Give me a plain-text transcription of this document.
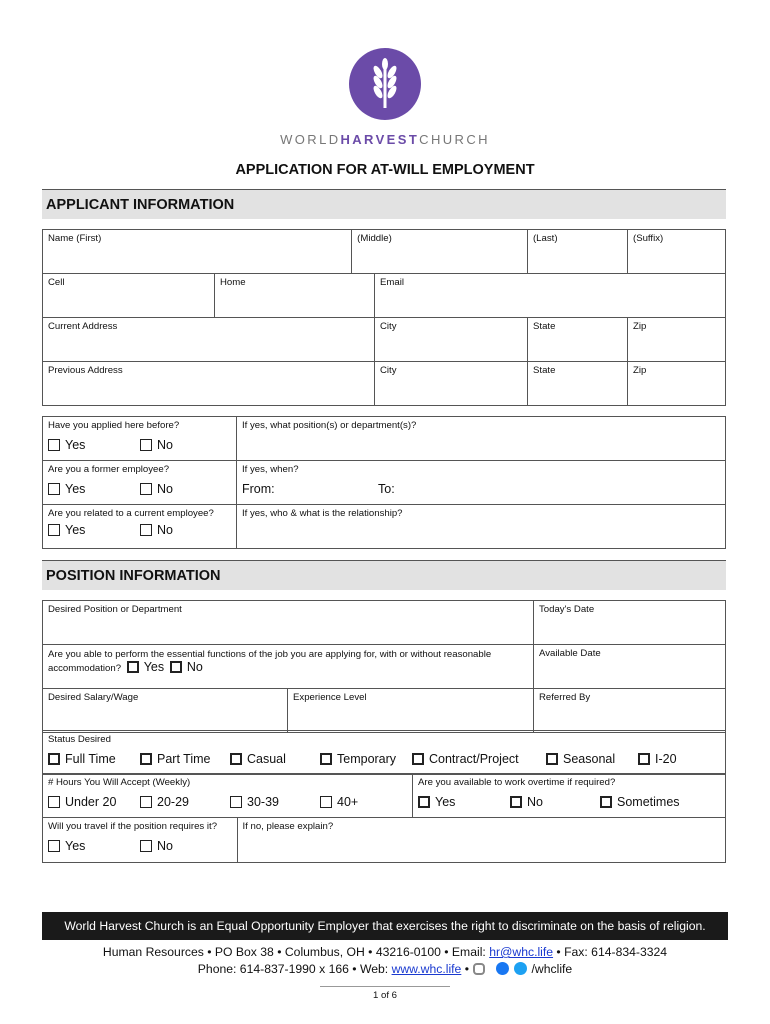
WORLDHARVESTCHURCH
APPLICATION FOR AT-WILL EMPLOYMENT
APPLICANT INFORMATION
Name (First)		(Middle)		(Last)	(Suffix)

Cell	Home		Email		

Current Address			City	State	Zip

Previous Address			City	State	Zip
Have you applied here before?
Yes No	If yes, what position(s) or department(s)?

Are you a former employee?
Yes No	If yes, when?
From: To:

Are you related to a current employee?
Yes No	If yes, who & what is the relationship?
POSITION INFORMATION
Desired Position or Department		Today's Date

Are you able to perform the essential functions of the job you are applying for, with or without reasonable accommodation? Yes No		Available Date

Desired Salary/Wage	Experience Level	Referred By
Status Desired
Full Time	Part Time	Casual	Temporary	Contract/Project	Seasonal	I-20
# Hours You Will Accept (Weekly)
Under 20	20-29	30-39	40+

Are you available to work overtime if required?
Yes	No	Sometimes

Will you travel if the position requires it?
Yes	No

If no, please explain?
World Harvest Church is an Equal Opportunity Employer that exercises the right to discriminate on the basis of religion.
Human Resources • PO Box 38 • Columbus, OH • 43216-0100 • Email: hr@whc.life • Fax: 614-834-3324
Phone: 614-837-1990 x 166 • Web: www.whc.life •	/whclife
1 of 6
